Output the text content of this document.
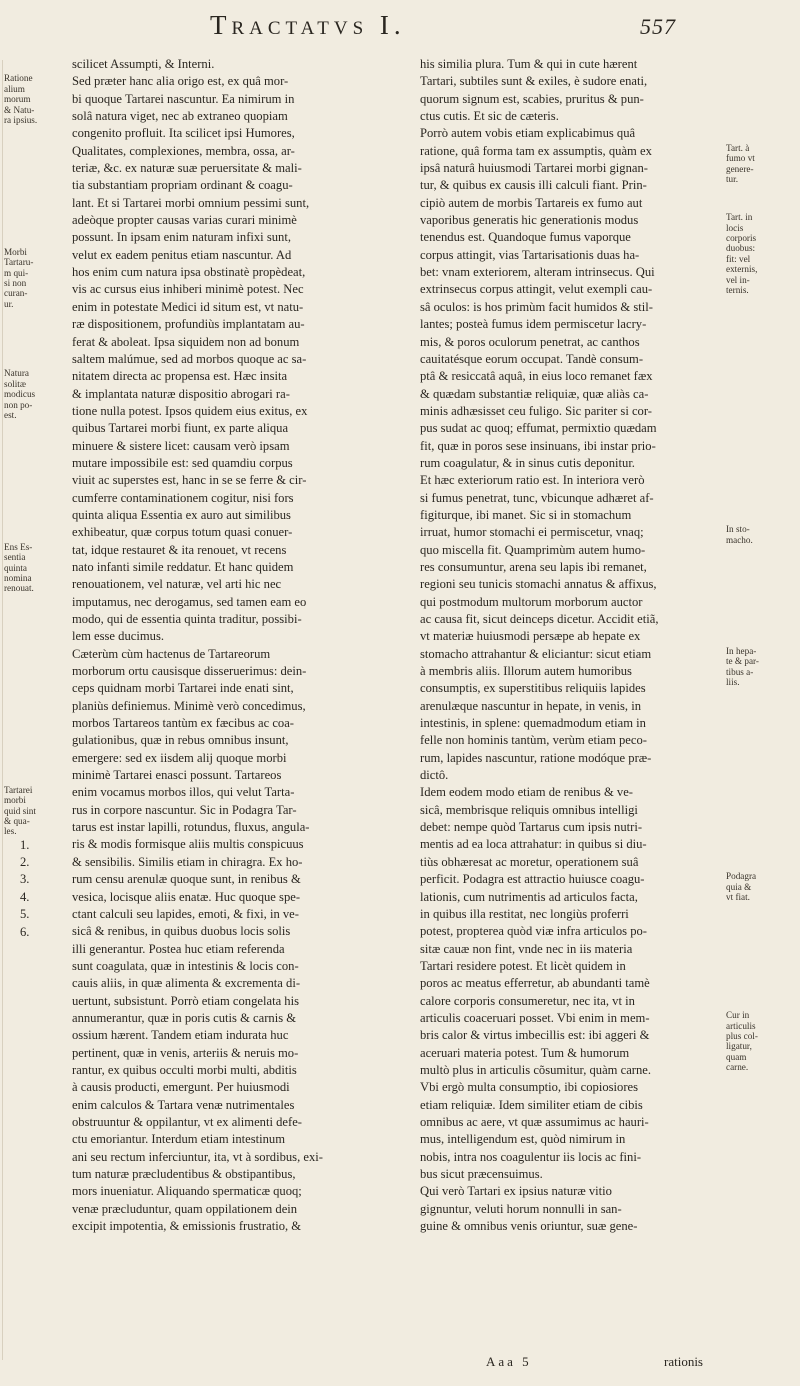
Tractatvs I.	557
Ratione
alium
morum
& Natu-
ra ipsius.
Morbi
Tartaru-
m qui-
si non
curan-
ur.
Natura
solitæ
modicus
non po-
est.
Ens Es-
sentia
quinta
nomina
renouat.
Tartarei
morbi
quid sint
& qua-
les.
1.
2.
3.
4.
5.
6.
scilicet Assumpti, & Interni.
Sed præter hanc alia origo est, ex quâ mor-
bi quoque Tartarei nascuntur. Ea nimirum in
solâ natura viget, nec ab extraneo quopiam
congenito profluit. Ita scilicet ipsi Humores,
Qualitates, complexiones, membra, ossa, ar-
teriæ, &c. ex naturæ suæ peruersitate & mali-
tia substantiam propriam ordinant & coagu-
lant. Et si Tartarei morbi omnium pessimi sunt,
adeòque propter causas varias curari minimè
possunt. In ipsam enim naturam infixi sunt,
velut ex eadem penitus etiam nascuntur. Ad
hos enim cum natura ipsa obstinatè propèdeat,
vis ac cursus eius inhiberi minimè potest. Nec
enim in potestate Medici id situm est, vt natu-
ræ dispositionem, profundiùs implantatam au-
ferat & aboleat. Ipsa siquidem non ad bonum
saltem malúmue, sed ad morbos quoque ac sa-
nitatem directa ac propensa est. Hæc insita
& implantata naturæ dispositio abrogari ra-
tione nulla potest. Ipsos quidem eius exitus, ex
quibus Tartarei morbi fiunt, ex parte aliqua
minuere & sistere licet: causam verò ipsam
mutare impossibile est: sed quamdiu corpus
viuit ac superstes est, hanc in se se ferre & cir-
cumferre contaminationem cogitur, nisi fors
quinta aliqua Essentia ex auro aut similibus
exhibeatur, quæ corpus totum quasi conuer-
tat, idque restauret & ita renouet, vt recens
nato infanti simile reddatur. Et hanc quidem
renouationem, vel naturæ, vel arti hic nec
imputamus, nec derogamus, sed tamen eam eo
modo, qui de essentia quinta traditur, possibi-
lem esse ducimus.
Cæterùm cùm hactenus de Tartareorum
morborum ortu causisque disseruerimus: dein-
ceps quidnam morbi Tartarei inde enati sint,
planiùs definiemus. Minimè verò concedimus,
morbos Tartareos tantùm ex fæcibus ac coa-
gulationibus, quæ in rebus omnibus insunt,
emergere: sed ex iisdem alij quoque morbi
minimè Tartarei enasci possunt. Tartareos
enim vocamus morbos illos, qui velut Tarta-
rus in corpore nascuntur. Sic in Podagra Tar-
tarus est instar lapilli, rotundus, fluxus, angula-
ris & modis formisque aliis multis conspicuus
& sensibilis. Similis etiam in chiragra. Ex ho-
rum censu arenulæ quoque sunt, in renibus &
vesica, locisque aliis enatæ. Huc quoque spe-
ctant calculi seu lapides, emoti, & fixi, in ve-
sicâ & renibus, in quibus duobus locis solis
illi generantur. Postea huc etiam referenda
sunt coagulata, quæ in intestinis & locis con-
cauis aliis, in quæ alimenta & excrementa di-
uertunt, subsistunt. Porrò etiam congelata his
annumerantur, quæ in poris cutis & carnis &
ossium hærent. Tandem etiam indurata huc
pertinent, quæ in venis, arteriis & neruis mo-
rantur, ex quibus occulti morbi multi, abditis
à causis producti, emergunt. Per huiusmodi
enim calculos & Tartara venæ nutrimentales
obstruuntur & oppilantur, vt ex alimenti defe-
ctu emoriantur. Interdum etiam intestinum
ani seu rectum inferciuntur, ita, vt à sordibus, exi-
tum naturæ præcludentibus & obstipantibus,
mors inueniatur. Aliquando spermaticæ quoq;
venæ præcluduntur, quam oppilationem dein
excipit impotentia, & emissionis frustratio, &
his similia plura. Tum & qui in cute hærent
Tartari, subtiles sunt & exiles, è sudore enati,
quorum signum est, scabies, pruritus & pun-
ctus cutis. Et sic de cæteris.
Porrò autem vobis etiam explicabimus quâ
ratione, quâ forma tam ex assumptis, quàm ex
ipsâ naturâ huiusmodi Tartarei morbi gignan-
tur, & quibus ex causis illi calculi fiant. Prin-
cipiò autem de morbis Tartareis ex fumo aut
vaporibus generatis hic generationis modus
tenendus est. Quandoque fumus vaporque
corpus attingit, vias Tartarisationis duas ha-
bet: vnam exteriorem, alteram intrinsecus. Qui
extrinsecus corpus attingit, velut exempli cau-
sâ oculos: is hos primùm facit humidos & stil-
lantes; posteà fumus idem permiscetur lacry-
mis, & poros oculorum penetrat, ac canthos
cauitatésque eorum occupat. Tandè consum-
ptâ & resiccatâ aquâ, in eius loco remanet fæx
& quædam substantiæ reliquiæ, quæ aliàs ca-
minis adhæsisset ceu fuligo. Sic pariter si cor-
pus sudat ac quoq; effumat, permixtio quædam
fit, quæ in poros sese insinuans, ibi instar prio-
rum coagulatur, & in sinus cutis deponitur.
Et hæc exteriorum ratio est. In interiora verò
si fumus penetrat, tunc, vbicunque adhæret af-
figiturque, ibi manet. Sic si in stomachum
irruat, humor stomachi ei permiscetur, vnaq;
quo miscella fit. Quamprimùm autem humo-
res consumuntur, arena seu lapis ibi remanet,
regioni seu tunicis stomachi annatus & affixus,
qui postmodum multorum morborum auctor
ac causa fit, sicut deinceps dicetur. Accidit etiã,
vt materiæ huiusmodi persæpe ab hepate ex
stomacho attrahantur & eliciantur: sicut etiam
à membris aliis. Illorum autem humoribus
consumptis, ex superstitibus reliquiis lapides
arenulæque nascuntur in hepate, in venis, in
intestinis, in splene: quemadmodum etiam in
felle non hominis tantùm, verùm etiam peco-
rum, lapides nascuntur, ratione modóque præ-
dictô.
Idem eodem modo etiam de renibus & ve-
sicâ, membrisque reliquis omnibus intelligi
debet: nempe quòd Tartarus cum ipsis nutri-
mentis ad ea loca attrahatur: in quibus si diu-
tiùs obhæresat ac moretur, operationem suâ
perficit. Podagra est attractio huiusce coagu-
lationis, cum nutrimentis ad articulos facta,
in quibus illa restitat, nec longiùs proferri
potest, propterea quòd viæ infra articulos po-
sitæ cauæ non fint, vnde nec in iis materia
Tartari residere potest. Et licèt quidem in
poros ac meatus efferretur, ab abundanti tamè
calore corporis consumeretur, nec ita, vt in
articulis coaceruari posset. Vbi enim in mem-
bris calor & virtus imbecillis est: ibi aggeri &
aceruari materia potest. Tum & humorum
multò plus in articulis cõsumitur, quàm carne.
Vbi ergò multa consumptio, ibi copiosiores
etiam reliquiæ. Idem similiter etiam de cibis
omnibus ac aere, vt quæ assumimus ac hauri-
mus, intelligendum est, quòd nimirum in
nobis, intra nos coagulentur iis locis ac fini-
bus sicut præcensuimus.
Qui verò Tartari ex ipsius naturæ vitio
gignuntur, veluti horum nonnulli in san-
guine & omnibus venis oriuntur, suæ gene-
Tart. à
fumo vt
genere-
tur.
Tart. in
locis
corporis
duobus:
fit: vel
externis,
vel in-
ternis.
In sto-
macho.
In hepa-
te & par-
tibus a-
liis.
Podagra
quia &
vt fiat.
Cur in
articulis
plus col-
ligatur,
quam
carne.
Aaa 5	rationis
